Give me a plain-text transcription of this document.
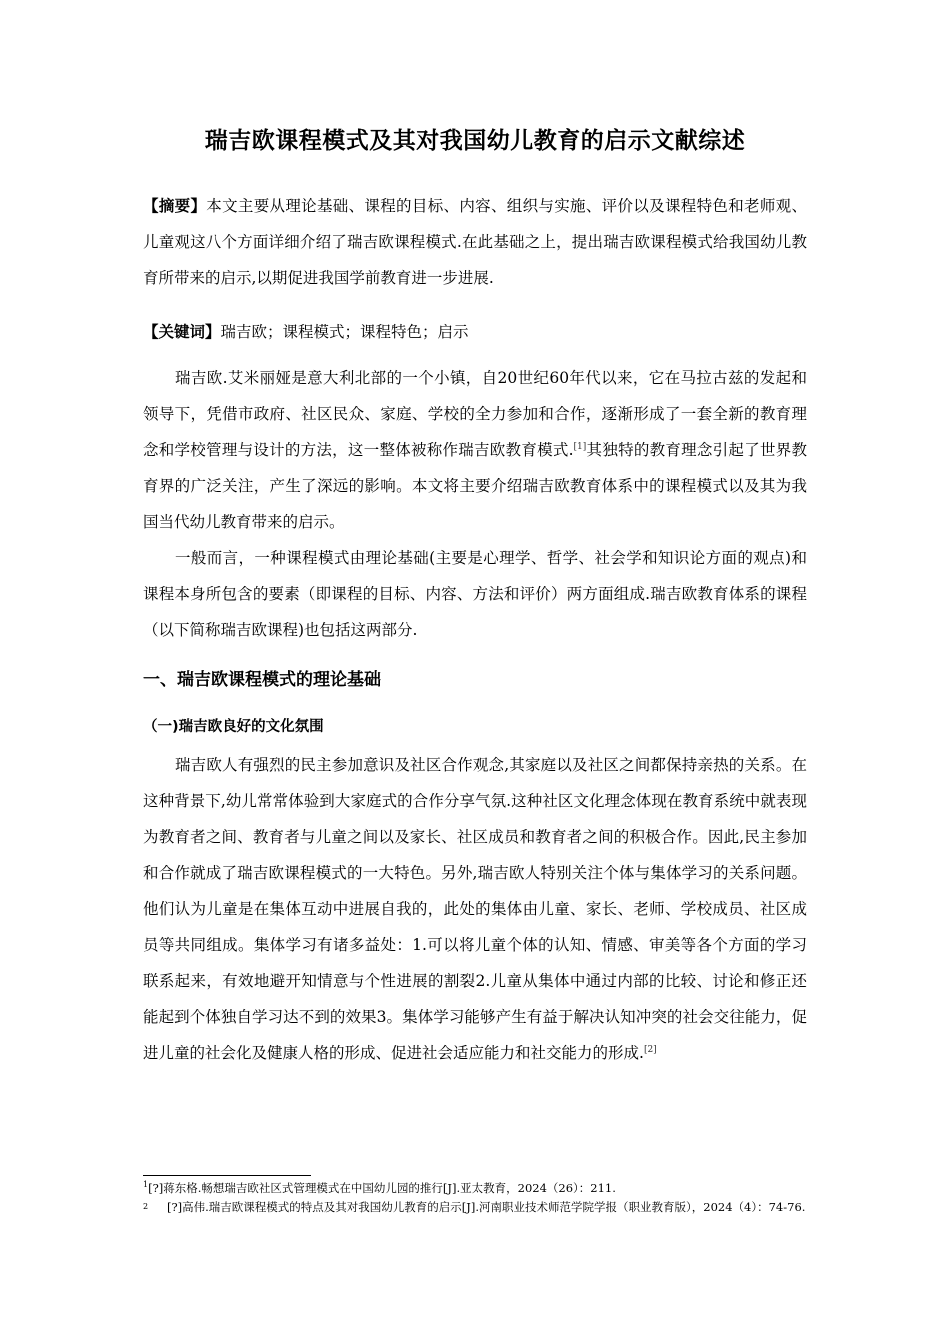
瑞吉欧课程模式及其对我国幼儿教育的启示文献综述

【摘要】本文主要从理论基础、课程的目标、内容、组织与实施、评价以及课程特色和老师观、儿童观这八个方面详细介绍了瑞吉欧课程模式.在此基础之上，提出瑞吉欧课程模式给我国幼儿教育所带来的启示,以期促进我国学前教育进一步进展.

【关键词】瑞吉欧；课程模式；课程特色；启示

瑞吉欧.艾米丽娅是意大利北部的一个小镇，自20世纪60年代以来，它在马拉古兹的发起和领导下，凭借市政府、社区民众、家庭、学校的全力参加和合作，逐渐形成了一套全新的教育理念和学校管理与设计的方法，这一整体被称作瑞吉欧教育模式.[1]其独特的教育理念引起了世界教育界的广泛关注，产生了深远的影响。本文将主要介绍瑞吉欧教育体系中的课程模式以及其为我国当代幼儿教育带来的启示。

一般而言，一种课程模式由理论基础(主要是心理学、哲学、社会学和知识论方面的观点)和课程本身所包含的要素（即课程的目标、内容、方法和评价）两方面组成.瑞吉欧教育体系的课程（以下简称瑞吉欧课程)也包括这两部分.

一、瑞吉欧课程模式的理论基础
（一)瑞吉欧良好的文化氛围

瑞吉欧人有强烈的民主参加意识及社区合作观念,其家庭以及社区之间都保持亲热的关系。在这种背景下,幼儿常常体验到大家庭式的合作分享气氛.这种社区文化理念体现在教育系统中就表现为教育者之间、教育者与儿童之间以及家长、社区成员和教育者之间的积极合作。因此,民主参加和合作就成了瑞吉欧课程模式的一大特色。另外,瑞吉欧人特别关注个体与集体学习的关系问题。他们认为儿童是在集体互动中进展自我的，此处的集体由儿童、家长、老师、学校成员、社区成员等共同组成。集体学习有诸多益处：1.可以将儿童个体的认知、情感、审美等各个方面的学习联系起来，有效地避开知情意与个性进展的割裂2.儿童从集体中通过内部的比较、讨论和修正还能起到个体独自学习达不到的效果3。集体学习能够产生有益于解决认知冲突的社会交往能力，促进儿童的社会化及健康人格的形成、促进社会适应能力和社交能力的形成.[2]

$^1$[?]蒋东格.畅想瑞吉欧社区式管理模式在中国幼儿园的推行[J].亚太教育，2024（26）：211.

2 [?]高伟.瑞吉欧课程模式的特点及其对我国幼儿教育的启示[J].河南职业技术师范学院学报（职业教育版），2024（4）：74-76.
